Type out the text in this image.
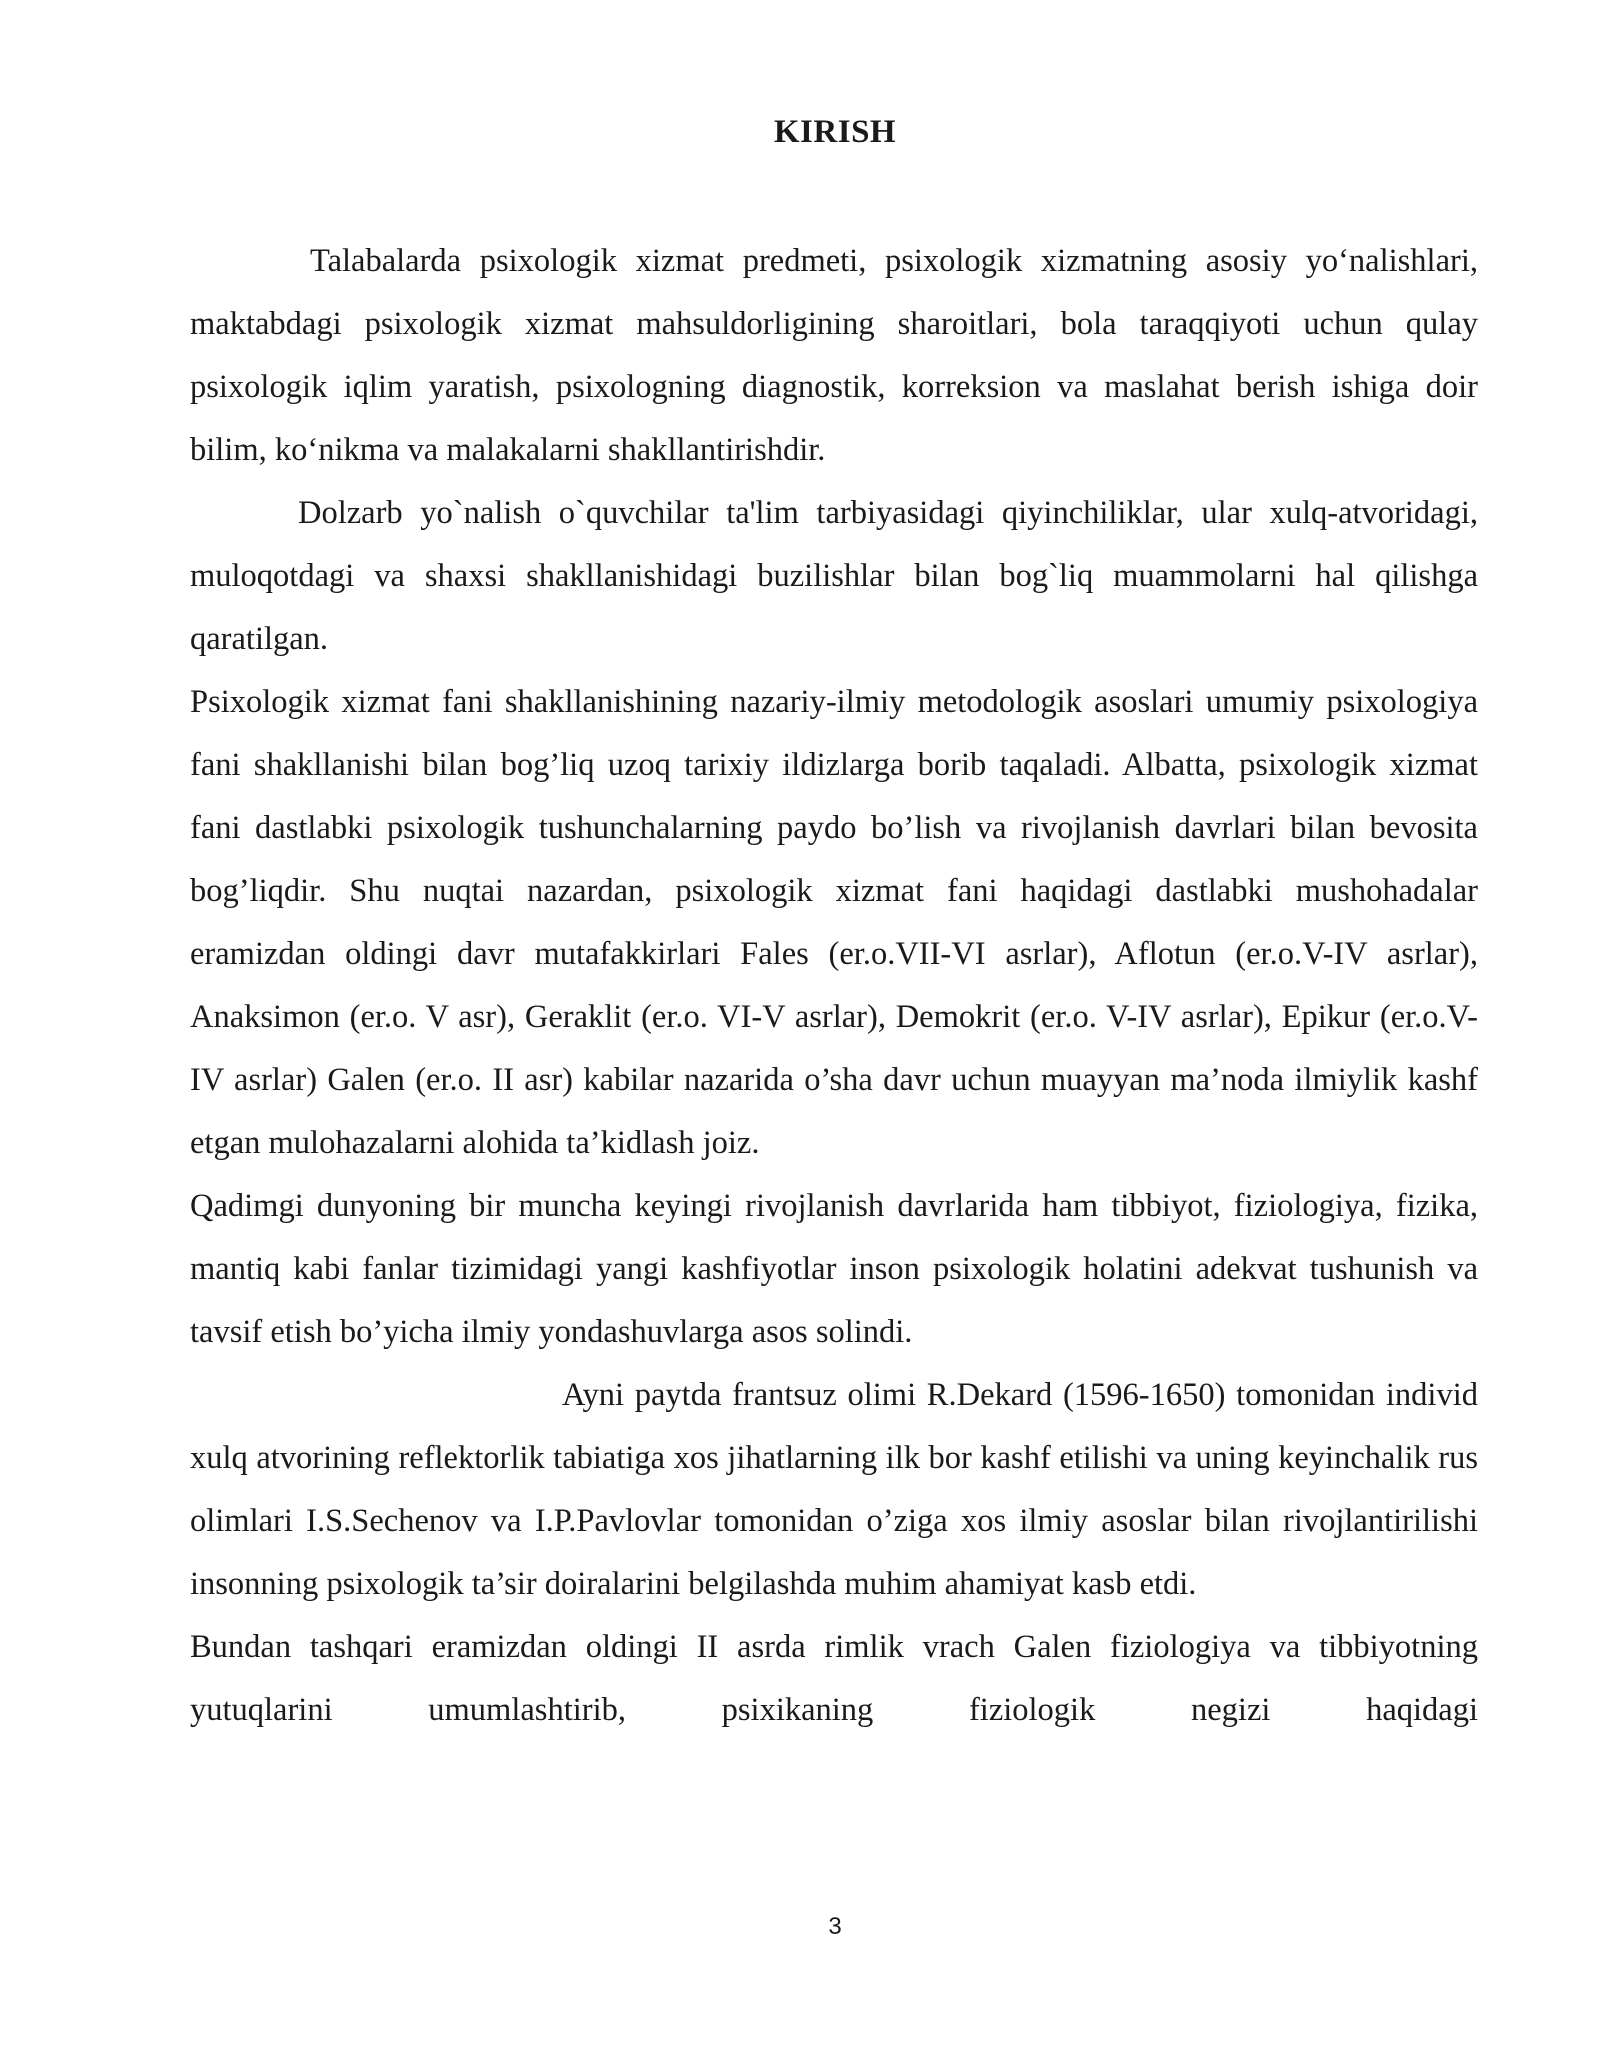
KIRISH

Talabalarda psixologik xizmat predmeti, psixologik xizmatning asosiy yo‘nalishlari, maktabdagi psixologik xizmat mahsuldorligining sharoitlari, bola taraqqiyoti uchun qulay psixologik iqlim yaratish, psixologning diagnostik, korreksion va maslahat berish ishiga doir bilim, ko‘nikma va malakalarni shakllantirishdir.

Dolzarb yo`nalish o`quvchilar ta'lim tarbiyasidagi qiyinchiliklar, ular xulq-atvoridagi, muloqotdagi va shaxsi shakllanishidagi buzilishlar bilan bog`liq muammolarni hal qilishga qaratilgan.

Psixologik xizmat fani shakllanishining nazariy-ilmiy metodologik asoslari umumiy psixologiya fani shakllanishi bilan bog’liq uzoq tarixiy ildizlarga borib taqaladi. Albatta, psixologik xizmat fani dastlabki psixologik tushunchalarning paydo bo’lish va rivojlanish davrlari bilan bevosita bog’liqdir. Shu nuqtai nazardan, psixologik xizmat fani haqidagi dastlabki mushohadalar eramizdan oldingi davr mutafakkirlari Fales (er.o.VII-VI asrlar), Aflotun (er.o.V-IV asrlar), Anaksimon (er.o. V asr), Geraklit (er.o. VI-V asrlar), Demokrit (er.o. V-IV asrlar), Epikur (er.o.V-IV asrlar) Galen (er.o. II asr) kabilar nazarida o’sha davr uchun muayyan ma’noda ilmiylik kashf etgan mulohazalarni alohida ta’kidlash joiz.

Qadimgi dunyoning bir muncha keyingi rivojlanish davrlarida ham tibbiyot, fiziologiya, fizika, mantiq kabi fanlar tizimidagi yangi kashfiyotlar inson psixologik holatini adekvat tushunish va tavsif etish bo’yicha ilmiy yondashuvlarga asos solindi.

Ayni paytda frantsuz olimi R.Dekard (1596-1650) tomonidan individ xulq atvorining reflektorlik tabiatiga xos jihatlarning ilk bor kashf etilishi va uning keyinchalik rus olimlari I.S.Sechenov va I.P.Pavlovlar tomonidan o’ziga xos ilmiy asoslar bilan rivojlantirilishi insonning psixologik ta’sir doiralarini belgilashda muhim ahamiyat kasb etdi.

Bundan tashqari eramizdan oldingi II asrda rimlik vrach Galen fiziologiya va tibbiyotning yutuqlarini umumlashtirib, psixikaning fiziologik negizi haqidagi

3
